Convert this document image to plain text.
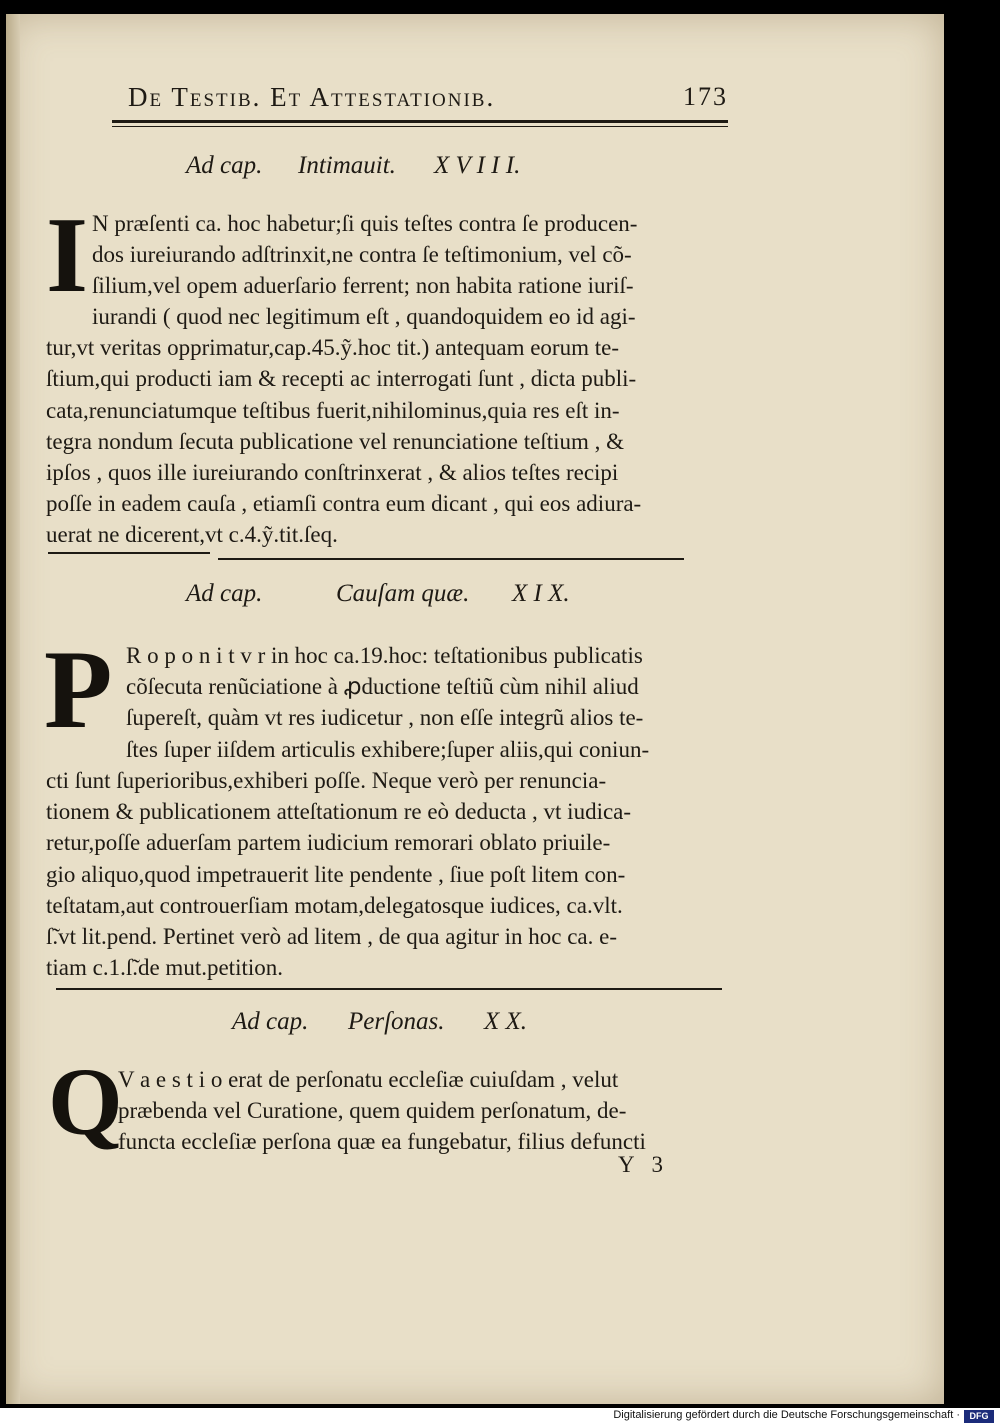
De Testib. Et Attestationib.	173
Ad cap. Intimauit. X V I I I.
I N præſenti ca. hoc habetur;ſi quis teſtes contra ſe producen-
dos iureiurando adſtrinxit,ne contra ſe teſtimonium, vel cõ-
ſilium,vel opem aduerſario ferrent; non habita ratione iuriſ-
iurandi ( quod nec legitimum eſt , quandoquidem eo id agi-
tur,vt veritas opprimatur,cap.45.ỹ.hoc tit.) antequam eorum te-
ſtium,qui producti iam & recepti ac interrogati ſunt , dicta publi-
cata,renunciatumque teſtibus fuerit,nihilominus,quia res eſt in-
tegra nondum ſecuta publicatione vel renunciatione teſtium , &
ipſos , quos ille iureiurando conſtrinxerat , & alios teſtes recipi
poſſe in eadem cauſa , etiamſi contra eum dicant , qui eos adiura-
uerat ne dicerent,vt c.4.ỹ.tit.ſeq.
Ad cap.	Cauſam quæ. X I X.
P R o p o n i t v r in hoc ca.19.hoc: teſtationibus publicatis
cõſecuta renũciatione à ꝓductione teſtiũ cùm nihil aliud
ſupereſt, quàm vt res iudicetur , non eſſe integrũ alios te-
ſtes ſuper iiſdem articulis exhibere;ſuper aliis,qui coniun-
cti ſunt ſuperioribus,exhiberi poſſe. Neque verò per renuncia-
tionem & publicationem atteſtationum re eò deducta , vt iudica-
retur,poſſe aduerſam partem iudicium remorari oblato priuile-
gio aliquo,quod impetrauerit lite pendente , ſiue poſt litem con-
teſtatam,aut controuerſiam motam,delegatosque iudices, ca.vlt.
ſ̃.vt lit.pend. Pertinet verò ad litem , de qua agitur in hoc ca. e-
tiam c.1.ſ̃.de mut.petition.
Ad cap. Perſonas. X X.
Q
V a e s t i o erat de perſonatu eccleſiæ cuiuſdam , velut
præbenda vel Curatione, quem quidem perſonatum, de-
functa eccleſiæ perſona quæ ea fungebatur, filius defuncti
Y 3
Digitalisierung gefördert durch die Deutsche Forschungsgemeinschaft ·	DFG
